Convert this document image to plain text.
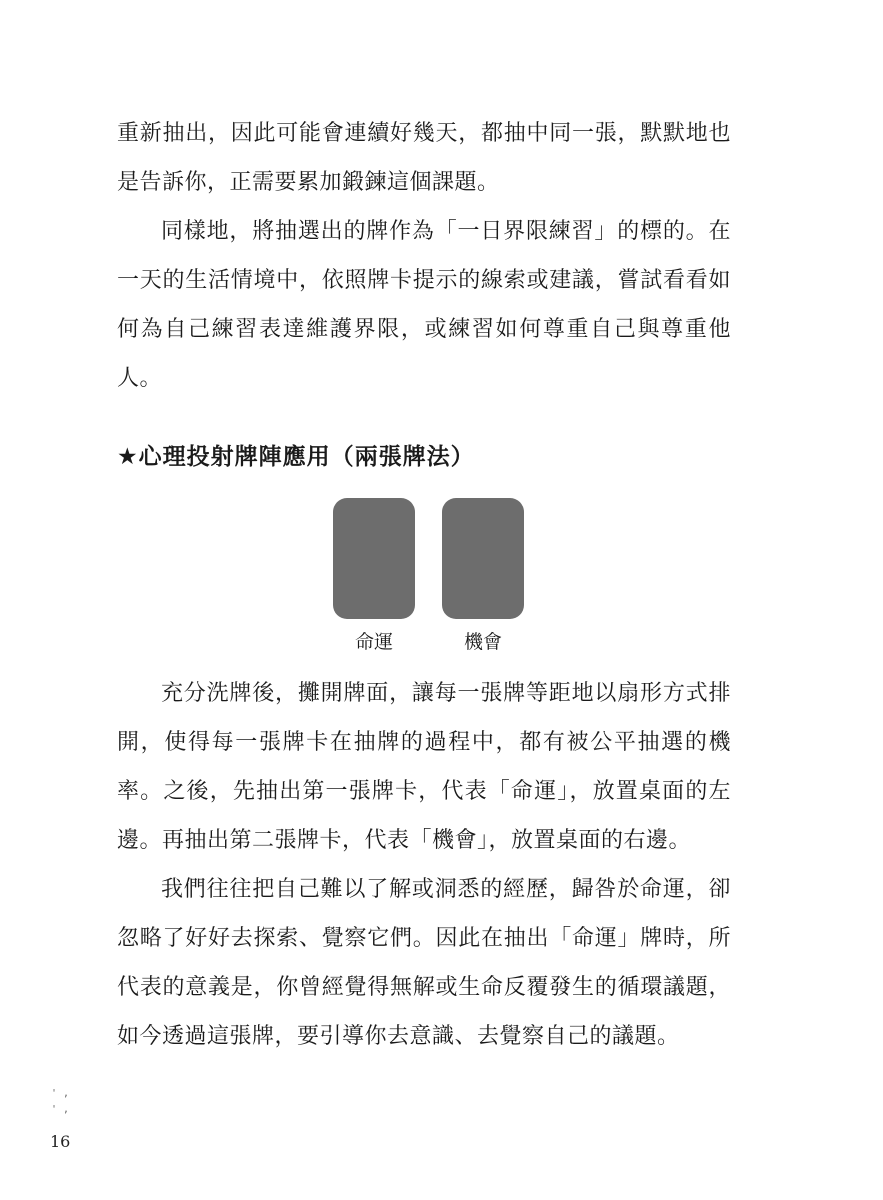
重新抽出，因此可能會連續好幾天，都抽中同一張，默默地也是告訴你，正需要累加鍛鍊這個課題。

同樣地，將抽選出的牌作為「一日界限練習」的標的。在一天的生活情境中，依照牌卡提示的線索或建議，嘗試看看如何為自己練習表達維護界限，或練習如何尊重自己與尊重他人。

★心理投射牌陣應用（兩張牌法）
命運	機會

充分洗牌後，攤開牌面，讓每一張牌等距地以扇形方式排開，使得每一張牌卡在抽牌的過程中，都有被公平抽選的機率。之後，先抽出第一張牌卡，代表「命運」，放置桌面的左邊。再抽出第二張牌卡，代表「機會」，放置桌面的右邊。

我們往往把自己難以了解或洞悉的經歷，歸咎於命運，卻忽略了好好去探索、覺察它們。因此在抽出「命運」牌時，所代表的意義是，你曾經覺得無解或生命反覆發生的循環議題，如今透過這張牌，要引導你去意識、去覺察自己的議題。

' ,
' ,
16
